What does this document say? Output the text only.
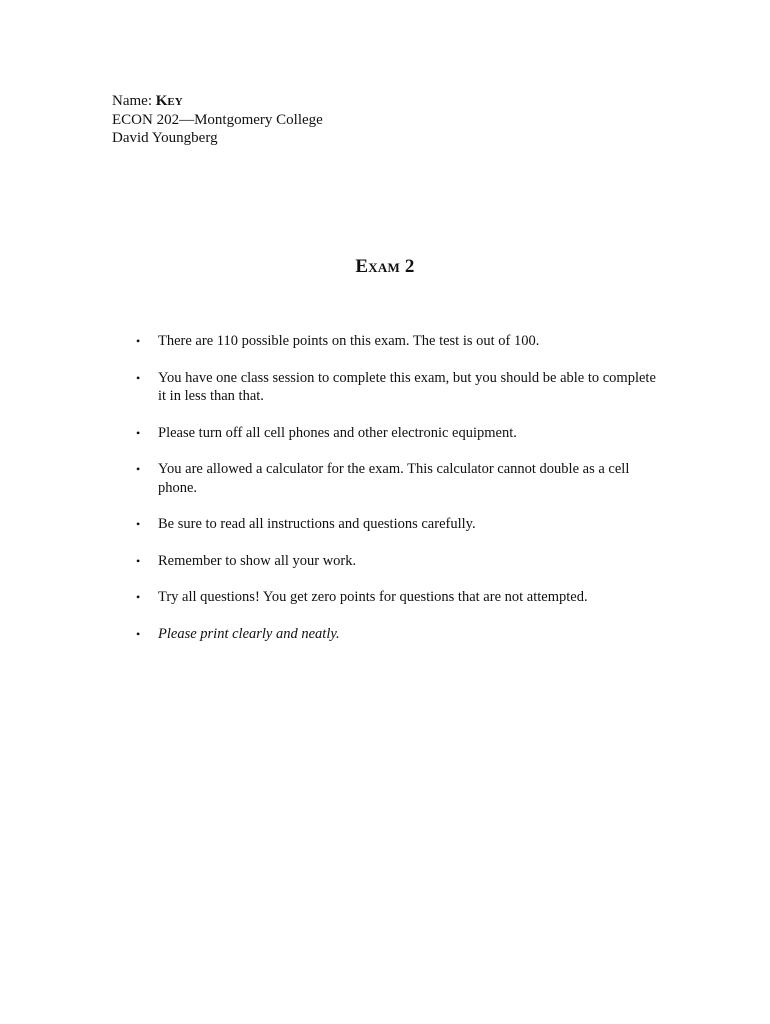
Name: Key
ECON 202—Montgomery College
David Youngberg
Exam 2
• There are 110 possible points on this exam. The test is out of 100.
• You have one class session to complete this exam, but you should be able to complete it in less than that.
• Please turn off all cell phones and other electronic equipment.
• You are allowed a calculator for the exam. This calculator cannot double as a cell phone.
• Be sure to read all instructions and questions carefully.
• Remember to show all your work.
• Try all questions! You get zero points for questions that are not attempted.
• Please print clearly and neatly.
